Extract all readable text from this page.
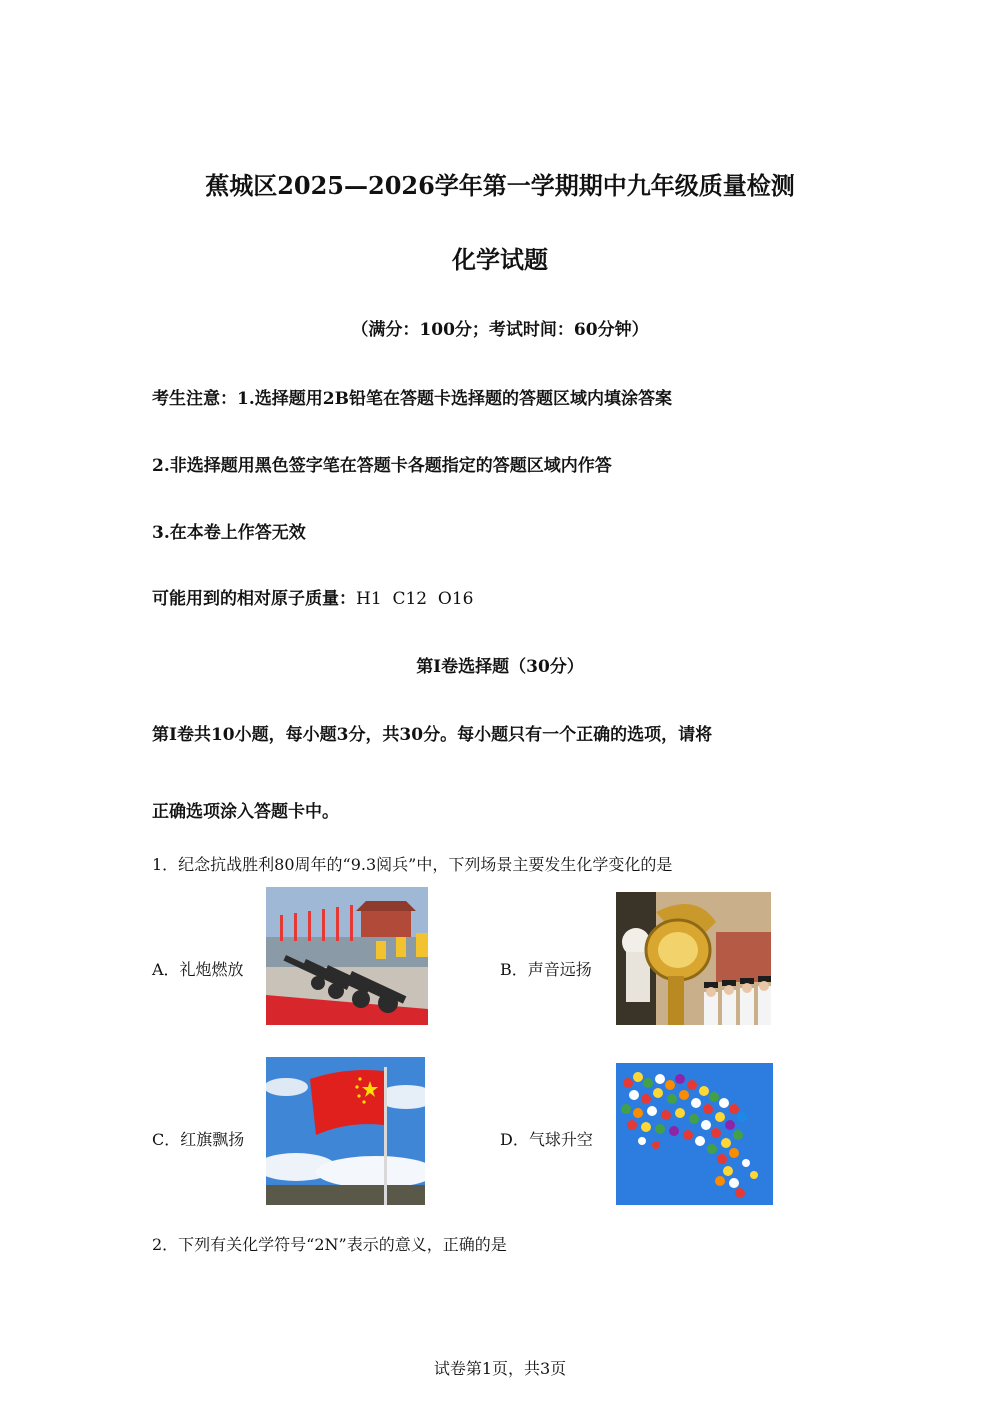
蕉城区2025—2026学年第一学期期中九年级质量检测
化学试题
（满分：100分；考试时间：60分钟）
考生注意：1.选择题用2B铅笔在答题卡选择题的答题区域内填涂答案
2.非选择题用黑色签字笔在答题卡各题指定的答题区域内作答
3.在本卷上作答无效
可能用到的相对原子质量：H1  C12  O16
第Ⅰ卷选择题（30分）
第Ⅰ卷共10小题，每小题3分，共30分。每小题只有一个正确的选项，请将
正确选项涂入答题卡中。
1．纪念抗战胜利80周年的“9.3阅兵”中，下列场景主要发生化学变化的是
A．礼炮燃放	B．声音远扬
C．红旗飘扬	D．气球升空
2．下列有关化学符号“2N”表示的意义，正确的是
试卷第1页，共3页
